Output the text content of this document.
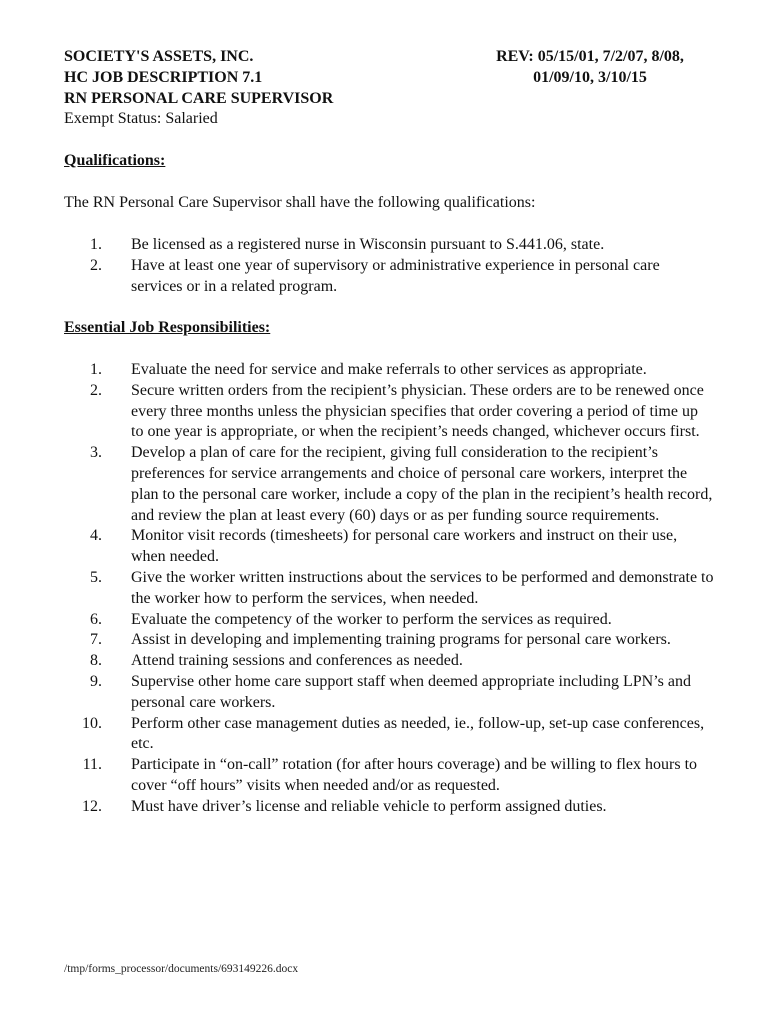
SOCIETY'S ASSETS, INC.
HC JOB DESCRIPTION 7.1
RN PERSONAL CARE SUPERVISOR
Exempt Status: Salaried
REV: 05/15/01, 7/2/07, 8/08,
01/09/10, 3/10/15
Qualifications:
The RN Personal Care Supervisor shall have the following qualifications:
1.	Be licensed as a registered nurse in Wisconsin pursuant to S.441.06, state.
2.	Have at least one year of supervisory or administrative experience in personal care services or in a related program.
Essential Job Responsibilities:
1.	Evaluate the need for service and make referrals to other services as appropriate.
2.	Secure written orders from the recipient’s physician. These orders are to be renewed once every three months unless the physician specifies that order covering a period of time up to one year is appropriate, or when the recipient’s needs changed, whichever occurs first.
3.	Develop a plan of care for the recipient, giving full consideration to the recipient’s preferences for service arrangements and choice of personal care workers, interpret the plan to the personal care worker, include a copy of the plan in the recipient’s health record, and review the plan at least every (60) days or as per funding source requirements.
4.	Monitor visit records (timesheets) for personal care workers and instruct on their use, when needed.
5.	Give the worker written instructions about the services to be performed and demonstrate to the worker how to perform the services, when needed.
6.	Evaluate the competency of the worker to perform the services as required.
7.	Assist in developing and implementing training programs for personal care workers.
8.	Attend training sessions and conferences as needed.
9.	Supervise other home care support staff when deemed appropriate including LPN’s and personal care workers.
10.	Perform other case management duties as needed, ie., follow-up, set-up case conferences, etc.
11.	Participate in “on-call” rotation (for after hours coverage) and be willing to flex hours to cover “off hours” visits when needed and/or as requested.
12.	Must have driver’s license and reliable vehicle to perform assigned duties.
/tmp/forms_processor/documents/693149226.docx
